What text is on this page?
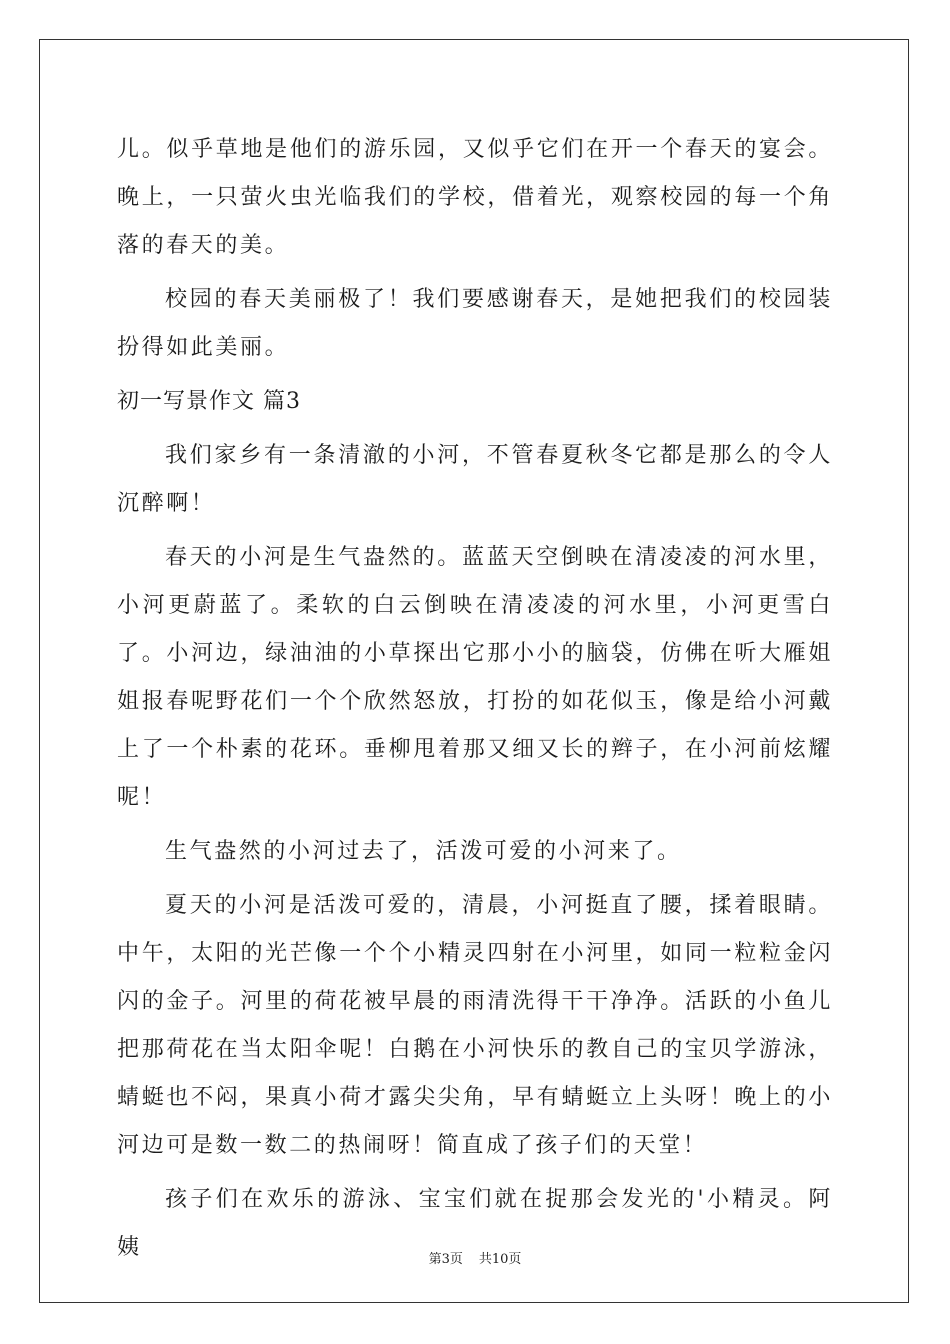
儿。似乎草地是他们的游乐园，又似乎它们在开一个春天的宴会。晚上，一只萤火虫光临我们的学校，借着光，观察校园的每一个角落的春天的美。

校园的春天美丽极了！我们要感谢春天，是她把我们的校园装扮得如此美丽。

初一写景作文 篇3

我们家乡有一条清澈的小河，不管春夏秋冬它都是那么的令人沉醉啊！

春天的小河是生气盎然的。蓝蓝天空倒映在清凌凌的河水里，小河更蔚蓝了。柔软的白云倒映在清凌凌的河水里，小河更雪白了。小河边，绿油油的小草探出它那小小的脑袋，仿佛在听大雁姐姐报春呢野花们一个个欣然怒放，打扮的如花似玉，像是给小河戴上了一个朴素的花环。垂柳甩着那又细又长的辫子，在小河前炫耀呢！

生气盎然的小河过去了，活泼可爱的小河来了。

夏天的小河是活泼可爱的，清晨，小河挺直了腰，揉着眼睛。中午，太阳的光芒像一个个小精灵四射在小河里，如同一粒粒金闪闪的金子。河里的荷花被早晨的雨清洗得干干净净。活跃的小鱼儿把那荷花在当太阳伞呢！白鹅在小河快乐的教自己的宝贝学游泳，蜻蜓也不闷，果真小荷才露尖尖角，早有蜻蜓立上头呀！晚上的小河边可是数一数二的热闹呀！简直成了孩子们的天堂！

孩子们在欢乐的游泳、宝宝们就在捉那会发光的'小精灵。阿姨	第3页 共10页
